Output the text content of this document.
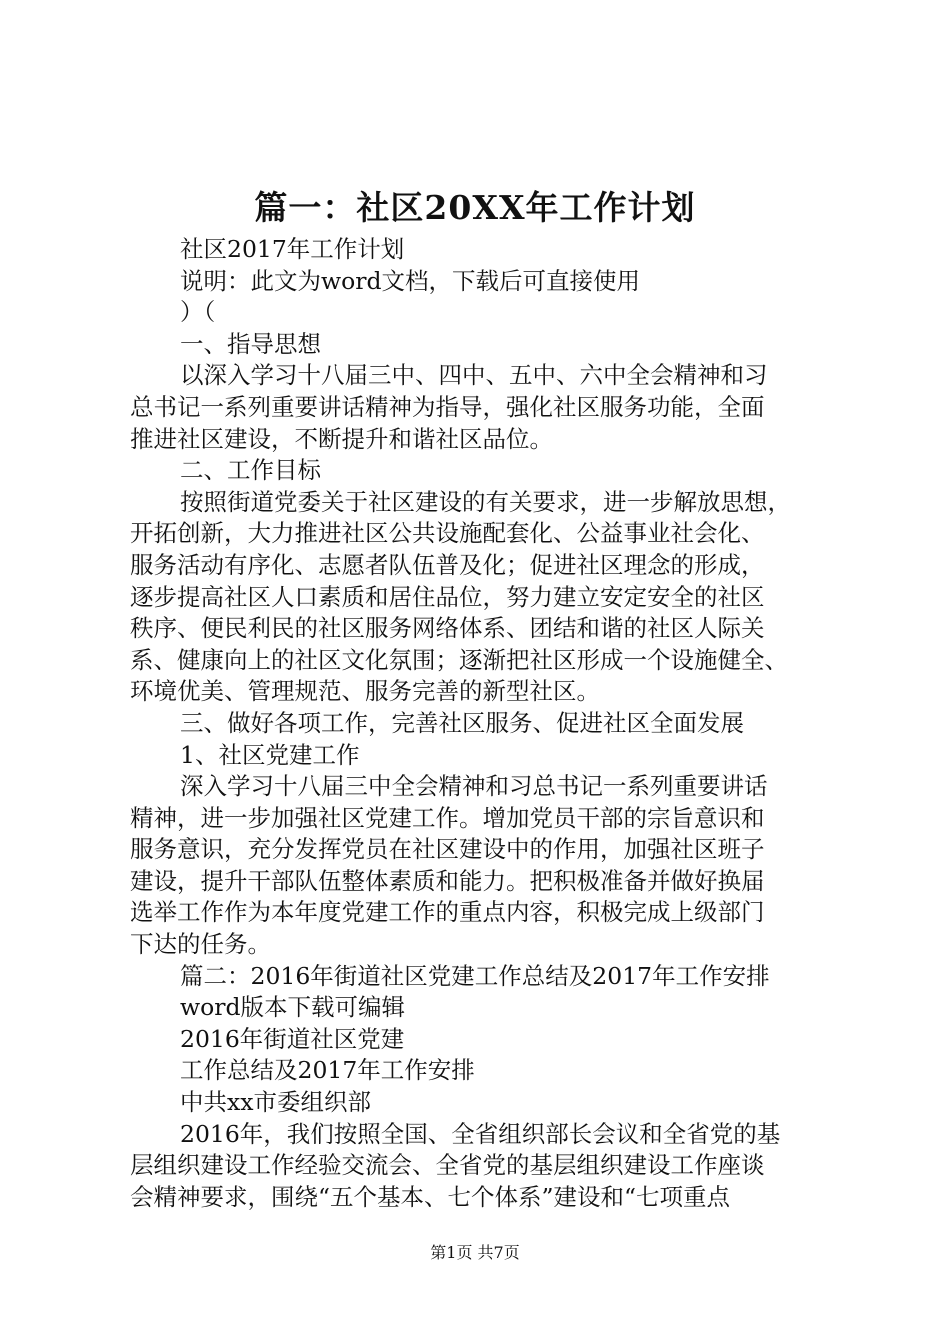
篇一：社区20XX年工作计划

社区2017年工作计划

说明：此文为word文档，下载后可直接使用

）（

一、指导思想

以深入学习十八届三中、四中、五中、六中全会精神和习

总书记一系列重要讲话精神为指导，强化社区服务功能，全面

推进社区建设，不断提升和谐社区品位。

二、工作目标

按照街道党委关于社区建设的有关要求，进一步解放思想，

开拓创新，大力推进社区公共设施配套化、公益事业社会化、

服务活动有序化、志愿者队伍普及化；促进社区理念的形成，

逐步提高社区人口素质和居住品位，努力建立安定安全的社区

秩序、便民利民的社区服务网络体系、团结和谐的社区人际关

系、健康向上的社区文化氛围；逐渐把社区形成一个设施健全、

环境优美、管理规范、服务完善的新型社区。

三、做好各项工作，完善社区服务、促进社区全面发展

1、社区党建工作

深入学习十八届三中全会精神和习总书记一系列重要讲话

精神，进一步加强社区党建工作。增加党员干部的宗旨意识和

服务意识，充分发挥党员在社区建设中的作用，加强社区班子

建设，提升干部队伍整体素质和能力。把积极准备并做好换届

选举工作作为本年度党建工作的重点内容，积极完成上级部门

下达的任务。

篇二：2016年街道社区党建工作总结及2017年工作安排

word版本下载可编辑

2016年街道社区党建

工作总结及2017年工作安排

中共xx市委组织部

2016年，我们按照全国、全省组织部长会议和全省党的基

层组织建设工作经验交流会、全省党的基层组织建设工作座谈

会精神要求，围绕“五个基本、七个体系”建设和“七项重点

第1页 共7页
